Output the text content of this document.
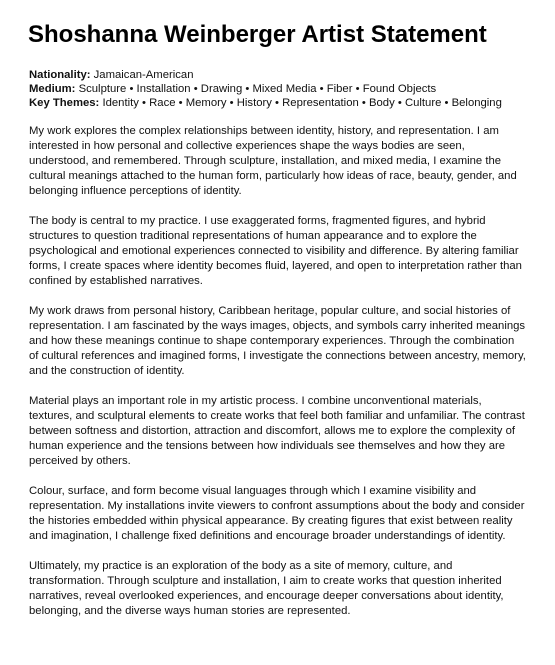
Shoshanna Weinberger Artist Statement
Nationality: Jamaican-American
Medium: Sculpture • Installation • Drawing • Mixed Media • Fiber • Found Objects
Key Themes: Identity • Race • Memory • History • Representation • Body • Culture • Belonging

My work explores the complex relationships between identity, history, and representation. I am interested in how personal and collective experiences shape the ways bodies are seen, understood, and remembered. Through sculpture, installation, and mixed media, I examine the cultural meanings attached to the human form, particularly how ideas of race, beauty, gender, and belonging influence perceptions of identity.

The body is central to my practice. I use exaggerated forms, fragmented figures, and hybrid structures to question traditional representations of human appearance and to explore the psychological and emotional experiences connected to visibility and difference. By altering familiar forms, I create spaces where identity becomes fluid, layered, and open to interpretation rather than confined by established narratives.

My work draws from personal history, Caribbean heritage, popular culture, and social histories of representation. I am fascinated by the ways images, objects, and symbols carry inherited meanings and how these meanings continue to shape contemporary experiences. Through the combination of cultural references and imagined forms, I investigate the connections between ancestry, memory, and the construction of identity.

Material plays an important role in my artistic process. I combine unconventional materials, textures, and sculptural elements to create works that feel both familiar and unfamiliar. The contrast between softness and distortion, attraction and discomfort, allows me to explore the complexity of human experience and the tensions between how individuals see themselves and how they are perceived by others.

Colour, surface, and form become visual languages through which I examine visibility and representation. My installations invite viewers to confront assumptions about the body and consider the histories embedded within physical appearance. By creating figures that exist between reality and imagination, I challenge fixed definitions and encourage broader understandings of identity.

Ultimately, my practice is an exploration of the body as a site of memory, culture, and transformation. Through sculpture and installation, I aim to create works that question inherited narratives, reveal overlooked experiences, and encourage deeper conversations about identity, belonging, and the diverse ways human stories are represented.
